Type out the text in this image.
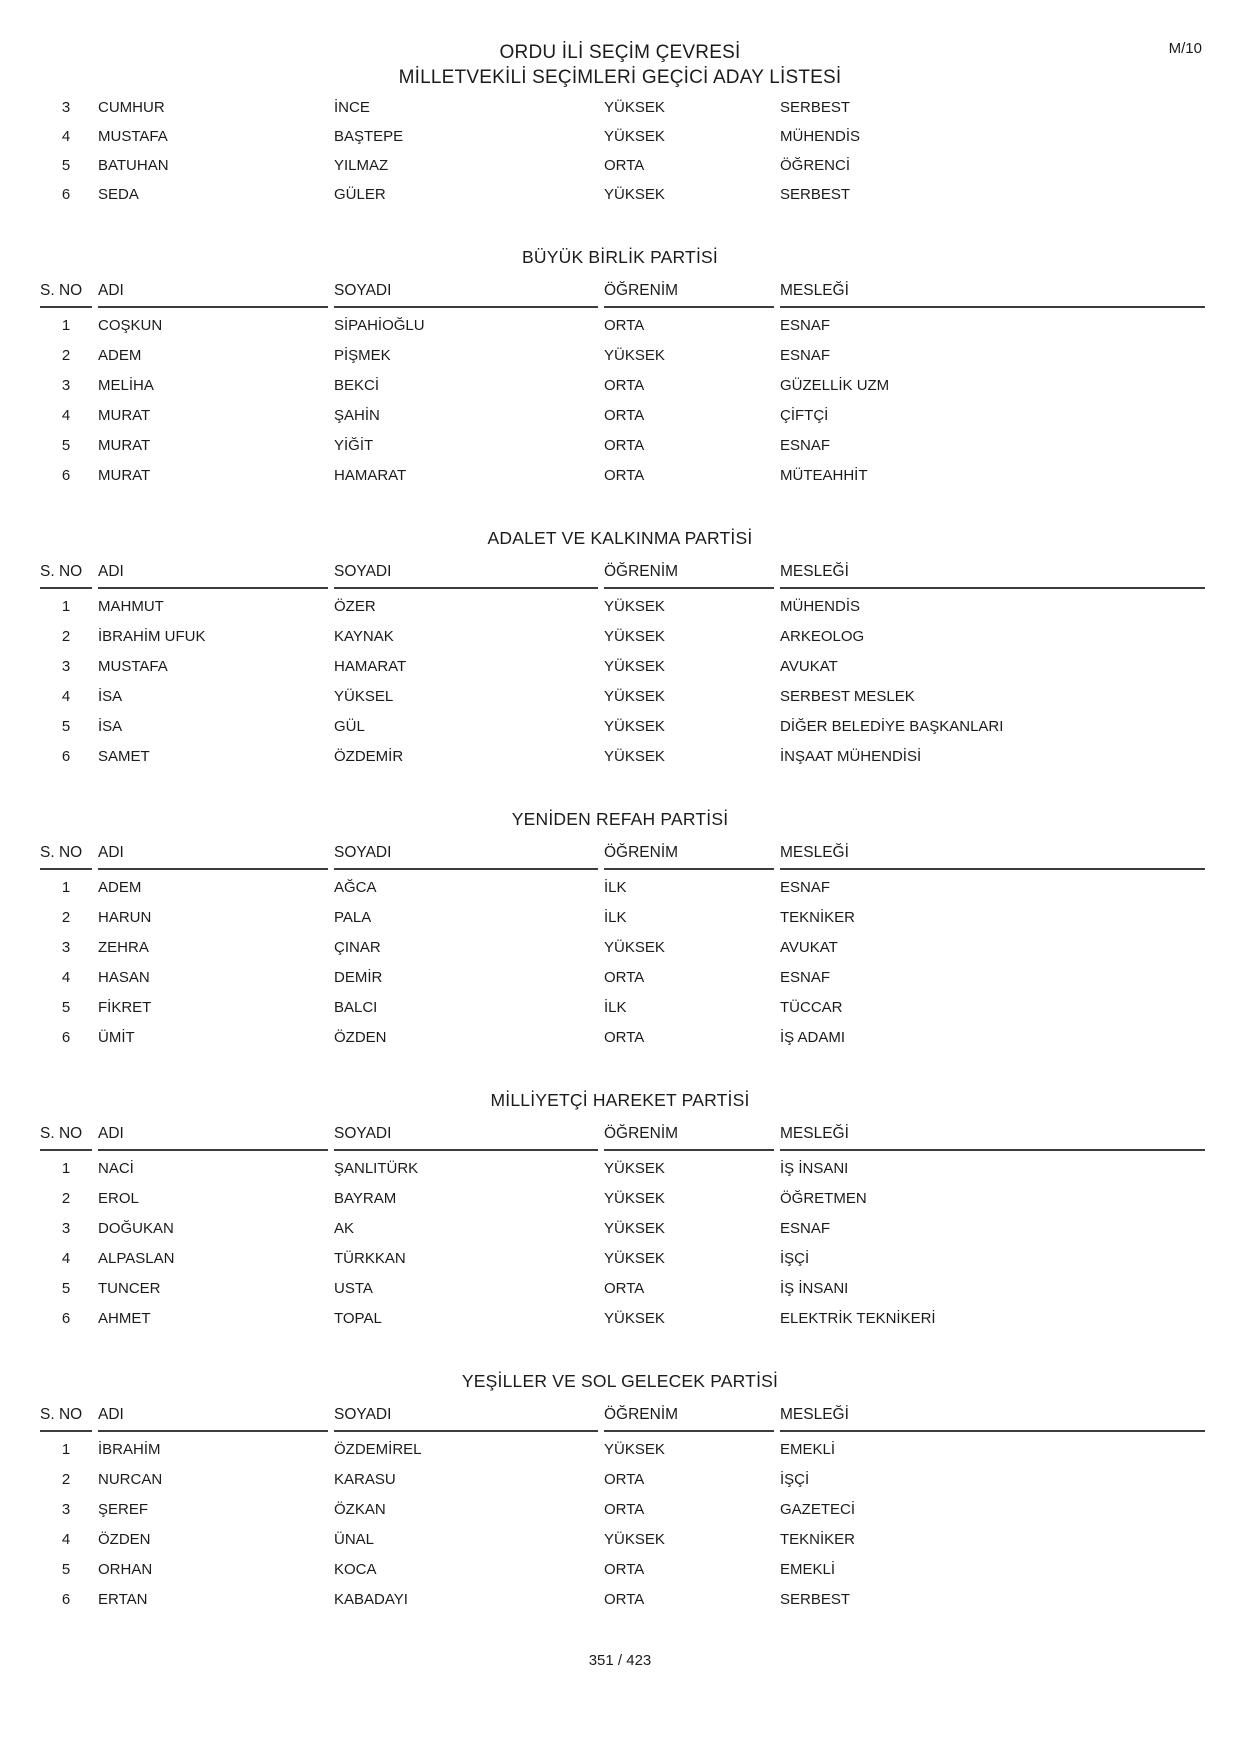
M/10
ORDU İLİ SEÇİM ÇEVRESİ
MİLLETVEKİLİ SEÇİMLERİ GEÇİCİ ADAY LİSTESİ
3	CUMHUR	İNCE	YÜKSEK	SERBEST
4	MUSTAFA	BAŞTEPE	YÜKSEK	MÜHENDİS
5	BATUHAN	YILMAZ	ORTA	ÖĞRENCİ
6	SEDA	GÜLER	YÜKSEK	SERBEST
BÜYÜK BİRLİK PARTİSİ
S. NO	ADI	SOYADI	ÖĞRENİM	MESLEĞİ
1	COŞKUN	SİPAHİOĞLU	ORTA	ESNAF
2	ADEM	PİŞMEK	YÜKSEK	ESNAF
3	MELİHA	BEKCİ	ORTA	GÜZELLİK UZM
4	MURAT	ŞAHİN	ORTA	ÇİFTÇİ
5	MURAT	YİĞİT	ORTA	ESNAF
6	MURAT	HAMARAT	ORTA	MÜTEAHHİT
ADALET VE KALKINMA PARTİSİ
S. NO	ADI	SOYADI	ÖĞRENİM	MESLEĞİ
1	MAHMUT	ÖZER	YÜKSEK	MÜHENDİS
2	İBRAHİM UFUK	KAYNAK	YÜKSEK	ARKEOLOG
3	MUSTAFA	HAMARAT	YÜKSEK	AVUKAT
4	İSA	YÜKSEL	YÜKSEK	SERBEST MESLEK
5	İSA	GÜL	YÜKSEK	DİĞER BELEDİYE BAŞKANLARI
6	SAMET	ÖZDEMİR	YÜKSEK	İNŞAAT MÜHENDİSİ
YENİDEN REFAH PARTİSİ
S. NO	ADI	SOYADI	ÖĞRENİM	MESLEĞİ
1	ADEM	AĞCA	İLK	ESNAF
2	HARUN	PALA	İLK	TEKNİKER
3	ZEHRA	ÇINAR	YÜKSEK	AVUKAT
4	HASAN	DEMİR	ORTA	ESNAF
5	FİKRET	BALCI	İLK	TÜCCAR
6	ÜMİT	ÖZDEN	ORTA	İŞ ADAMI
MİLLİYETÇİ HAREKET PARTİSİ
S. NO	ADI	SOYADI	ÖĞRENİM	MESLEĞİ
1	NACİ	ŞANLITÜRK	YÜKSEK	İŞ İNSANI
2	EROL	BAYRAM	YÜKSEK	ÖĞRETMEN
3	DOĞUKAN	AK	YÜKSEK	ESNAF
4	ALPASLAN	TÜRKKAN	YÜKSEK	İŞÇİ
5	TUNCER	USTA	ORTA	İŞ İNSANI
6	AHMET	TOPAL	YÜKSEK	ELEKTRİK TEKNİKERİ
YEŞİLLER VE SOL GELECEK PARTİSİ
S. NO	ADI	SOYADI	ÖĞRENİM	MESLEĞİ
1	İBRAHİM	ÖZDEMİREL	YÜKSEK	EMEKLİ
2	NURCAN	KARASU	ORTA	İŞÇİ
3	ŞEREF	ÖZKAN	ORTA	GAZETECİ
4	ÖZDEN	ÜNAL	YÜKSEK	TEKNİKER
5	ORHAN	KOCA	ORTA	EMEKLİ
6	ERTAN	KABADAYI	ORTA	SERBEST
351 / 423
